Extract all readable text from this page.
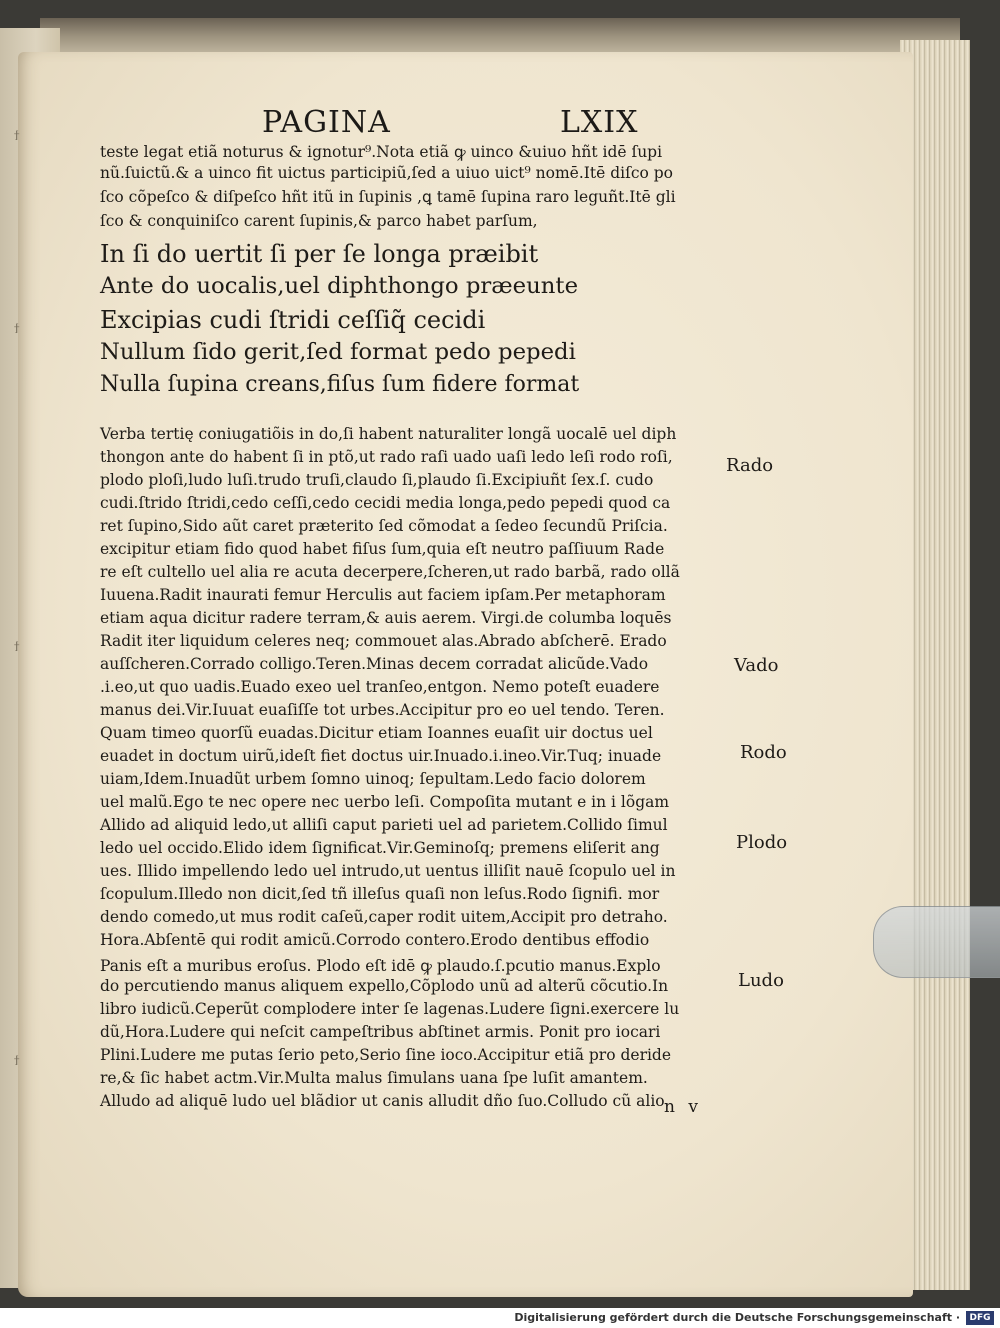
ϯ
ϯ
ϯ
ϯ
PAGINA	LXIX
teste legat etiã noturus & ignotur⁹.Nota etiã ꝙ uinco &uiuo hñt idē ſupi
nũ.ſuictũ.& a uinco fit uictus participiũ,ſed a uiuo uict⁹ nomē.Itē diſco po
ſco cõpeſco & diſpeſco hñt itũ in ſupinis ,ꝗ tamē ſupina raro leguñt.Itē gli
ſco & conquiniſco carent ſupinis,& parco habet parſum,
In ſi do uertit ſi per ſe longa præibit
Ante do uocalis,uel diphthongo præeunte
Excipias cudi ſtridi ceſſiq̃ cecidi
Nullum ſido gerit,ſed format pedo pepedi
Nulla ſupina creans,fiſus ſum fidere format
Verba tertię coniugatiõis in do,ſi habent naturaliter longã uocalē uel diph
thongon ante do habent ſi in ptõ,ut rado raſi uado uaſi ledo leſi rodo roſi,
plodo ploſi,ludo luſi.trudo truſi,claudo ſi,plaudo ſi.Excipiuñt ſex.ſ. cudo
cudi.ſtrido ſtridi,cedo ceſſi,cedo cecidi media longa,pedo pepedi quod ca
ret ſupino,Sido aũt caret præterito ſed cõmodat a ſedeo ſecundũ Priſcia.
excipitur etiam fido quod habet fiſus ſum,quia eſt neutro paſſiuum Rade
re eſt cultello uel alia re acuta decerpere,ſcheren,ut rado barbã, rado ollã
Iuuena.Radit inaurati femur Herculis aut faciem ipſam.Per metaphoram
etiam aqua dicitur radere terram,& auis aerem. Virgi.de columba loquēs
Radit iter liquidum celeres neq; commouet alas.Abrado abſcherē. Erado
auſſcheren.Corrado colligo.Teren.Minas decem corradat alicũde.Vado
.i.eo,ut quo uadis.Euado exeo uel tranſeo,entgon. Nemo poteſt euadere
manus dei.Vir.Iuuat euaſiſſe tot urbes.Accipitur pro eo uel tendo. Teren.
Quam timeo quorſũ euadas.Dicitur etiam Ioannes euaſit uir doctus uel
euadet in doctum uirũ,ideſt fiet doctus uir.Inuado.i.ineo.Vir.Tuq; inuade
uiam,Idem.Inuadũt urbem ſomno uinoq; ſepultam.Ledo facio dolorem
uel malũ.Ego te nec opere nec uerbo leſi. Compoſita mutant e in i lõgam
Allido ad aliquid ledo,ut alliſi caput parieti uel ad parietem.Collido ſimul
ledo uel occido.Elido idem ſignificat.Vir.Geminoſq; premens eliſerit ang
ues. Illido impellendo ledo uel intrudo,ut uentus illiſit nauē ſcopulo uel in
ſcopulum.Illedo non dicit,ſed tñ illeſus quaſi non leſus.Rodo ſignifi. mor
dendo comedo,ut mus rodit caſeũ,caper rodit uitem,Accipit pro detraho.
Hora.Abſentē qui rodit amicũ.Corrodo contero.Erodo dentibus effodio
Panis eſt a muribus eroſus. Plodo eſt idē ꝙ plaudo.ſ.pcutio manus.Explo
do percutiendo manus aliquem expello,Cõplodo unũ ad alterũ cõcutio.In
libro iudicũ.Ceperũt complodere inter ſe lagenas.Ludere ſigni.exercere lu
dũ,Hora.Ludere qui neſcit campeſtribus abſtinet armis. Ponit pro iocari
Plini.Ludere me putas ſerio peto,Serio ſine ioco.Accipitur etiã pro deride
re,& ſic habet actm.Vir.Multa malus ſimulans uana ſpe luſit amantem.
Alludo ad aliquē ludo uel blãdior ut canis alludit dño ſuo.Colludo cũ alio
Rado
Vado
Rodo
Plodo
Ludo
n v
Digitalisierung gefördert durch die Deutsche Forschungsgemeinschaft ·	DFG
